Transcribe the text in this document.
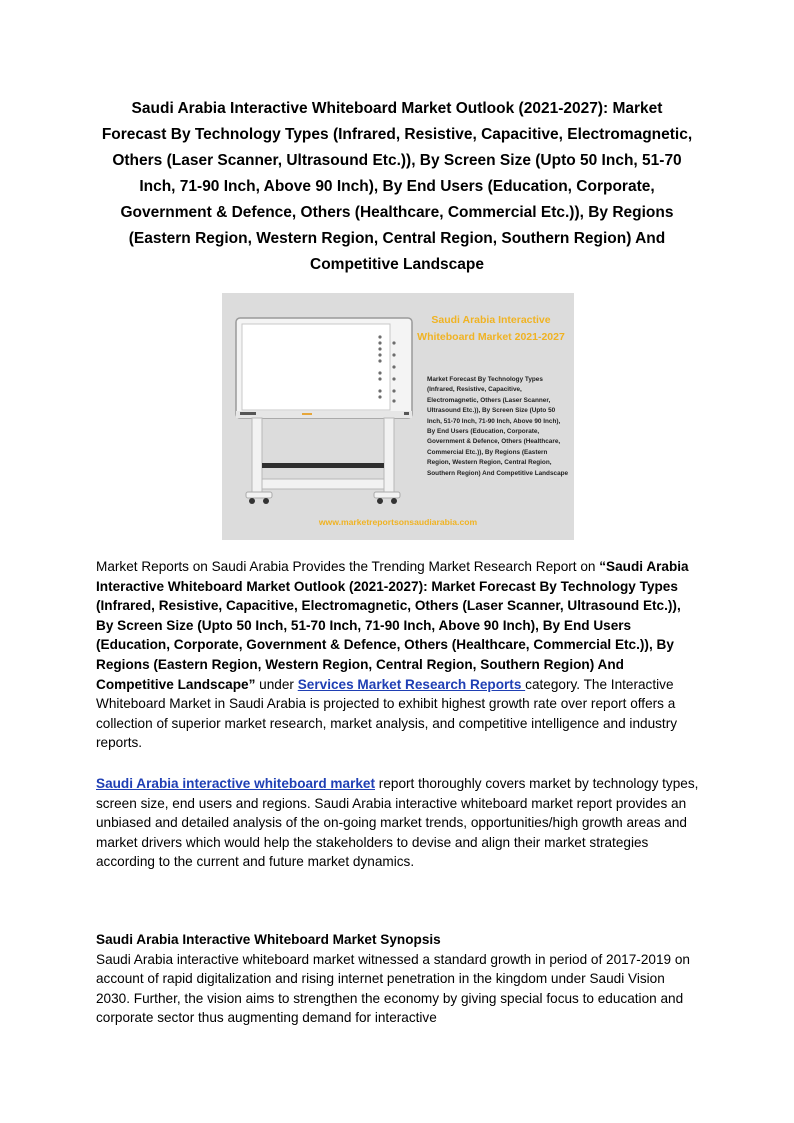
Saudi Arabia Interactive Whiteboard Market Outlook (2021-2027): Market Forecast By Technology Types (Infrared, Resistive, Capacitive, Electromagnetic, Others (Laser Scanner, Ultrasound Etc.)), By Screen Size (Upto 50 Inch, 51-70 Inch, 71-90 Inch, Above 90 Inch), By End Users (Education, Corporate, Government & Defence, Others (Healthcare, Commercial Etc.)), By Regions (Eastern Region, Western Region, Central Region, Southern Region) And Competitive Landscape
Saudi Arabia Interactive Whiteboard Market 2021-2027
Market Forecast By Technology Types (Infrared, Resistive, Capacitive, Electromagnetic, Others (Laser Scanner, Ultrasound Etc.)), By Screen Size (Upto 50 Inch, 51-70 Inch, 71-90 Inch, Above 90 Inch), By End Users (Education, Corporate, Government & Defence, Others (Healthcare, Commercial Etc.)), By Regions (Eastern Region, Western Region, Central Region, Southern Region) And Competitive Landscape
www.marketreportsonsaudiarabia.com

Market Reports on Saudi Arabia Provides the Trending Market Research Report on “Saudi Arabia Interactive Whiteboard Market Outlook (2021-2027): Market Forecast By Technology Types (Infrared, Resistive, Capacitive, Electromagnetic, Others (Laser Scanner, Ultrasound Etc.)), By Screen Size (Upto 50 Inch, 51-70 Inch, 71-90 Inch, Above 90 Inch), By End Users (Education, Corporate, Government & Defence, Others (Healthcare, Commercial Etc.)), By Regions (Eastern Region, Western Region, Central Region, Southern Region) And Competitive Landscape” under Services Market Research Reports category. The Interactive Whiteboard Market in Saudi Arabia is projected to exhibit highest growth rate over report offers a collection of superior market research, market analysis, and competitive intelligence and industry reports.

Saudi Arabia interactive whiteboard market report thoroughly covers market by technology types, screen size, end users and regions. Saudi Arabia interactive whiteboard market report provides an unbiased and detailed analysis of the on-going market trends, opportunities/high growth areas and market drivers which would help the stakeholders to devise and align their market strategies according to the current and future market dynamics.

Saudi Arabia Interactive Whiteboard Market Synopsis
Saudi Arabia interactive whiteboard market witnessed a standard growth in period of 2017-2019 on account of rapid digitalization and rising internet penetration in the kingdom under Saudi Vision 2030. Further, the vision aims to strengthen the economy by giving special focus to education and corporate sector thus augmenting demand for interactive
